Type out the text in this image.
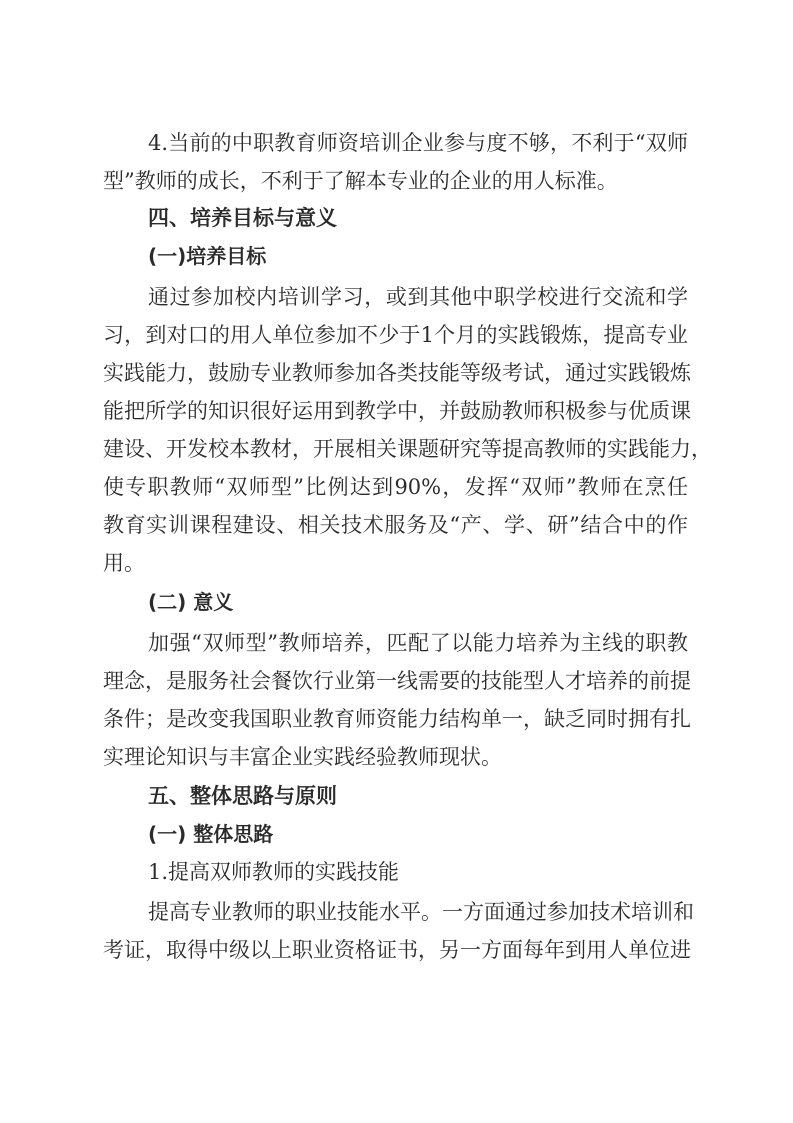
4.当前的中职教育师资培训企业参与度不够，不利于“双师
型”教师的成长，不利于了解本专业的企业的用人标准。
四、培养目标与意义
(一)培养目标
通过参加校内培训学习，或到其他中职学校进行交流和学
习，到对口的用人单位参加不少于1个月的实践锻炼，提高专业
实践能力，鼓励专业教师参加各类技能等级考试，通过实践锻炼
能把所学的知识很好运用到教学中，并鼓励教师积极参与优质课
建设、开发校本教材，开展相关课题研究等提高教师的实践能力，
使专职教师“双师型”比例达到90%，发挥“双师”教师在烹任
教育实训课程建设、相关技术服务及“产、学、研”结合中的作
用。
(二) 意义
加强“双师型”教师培养，匹配了以能力培养为主线的职教
理念，是服务社会餐饮行业第一线需要的技能型人才培养的前提
条件；是改变我国职业教育师资能力结构单一，缺乏同时拥有扎
实理论知识与丰富企业实践经验教师现状。
五、整体思路与原则
(一) 整体思路
1.提高双师教师的实践技能
提高专业教师的职业技能水平。一方面通过参加技术培训和
考证，取得中级以上职业资格证书，另一方面每年到用人单位进
